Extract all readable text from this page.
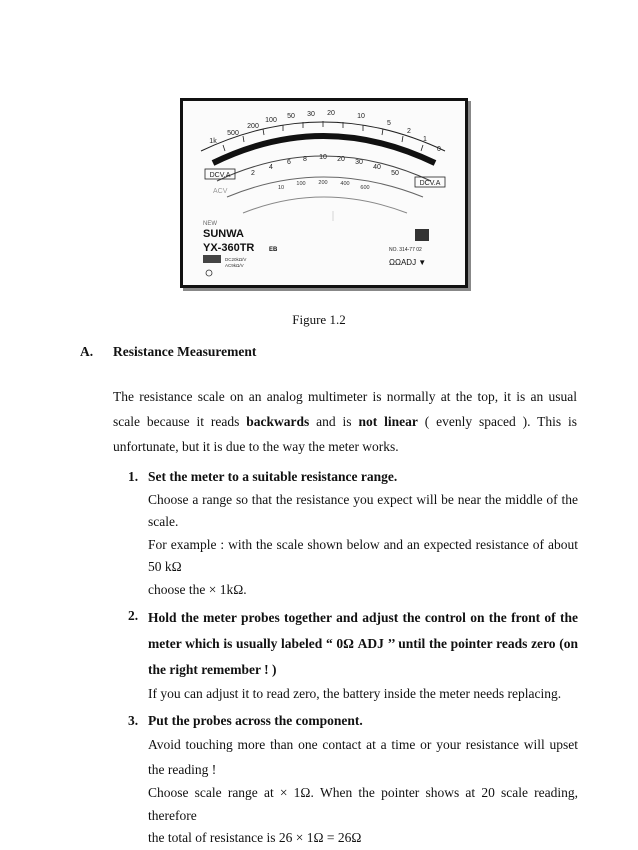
1k
500
200
100
50 30 20	10
5
2
1
0
2
4
6 8 10 20 30
40
50
10
100 200 400
600
DCV.A
DCV.A
ACV
NEW
SUNWA
YX-360TR EB
DC20kΩ/V
AC9kΩ/V
NO. 314-77 02
ΩΩADJ ▼
Figure 1.2
A. Resistance Measurement
The resistance scale on an analog multimeter is normally at the top, it is an usual scale because it reads backwards and is not linear ( evenly spaced ). This is unfortunate, but it is due to the way the meter works.
1. Set the meter to a suitable resistance range.
Choose a range so that the resistance you expect will be near the middle of the scale.
For example : with the scale shown below and an expected resistance of about 50 kΩ
choose the × 1kΩ.
2. Hold the meter probes together and adjust the control on the front of the meter which is usually labeled “ 0Ω ADJ ’’ until the pointer reads zero (on the right remember ! )
If you can adjust it to read zero, the battery inside the meter needs replacing.
3. Put the probes across the component.
Avoid touching more than one contact at a time or your resistance will upset the reading !
Choose scale range at × 1Ω. When the pointer shows at 20 scale reading, therefore
the total of resistance is 26 × 1Ω = 26Ω
